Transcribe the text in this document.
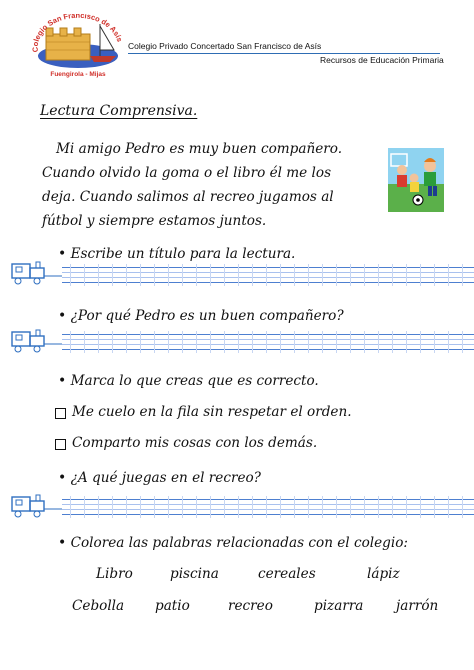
Colegio San Francisco de Asís
Fuengirola - Mijas
Colegio Privado Concertado San Francisco de Asís
Recursos de Educación Primaria
Lectura Comprensiva.
Mi amigo Pedro es muy buen compañero.
Cuando olvido la goma o el libro él me los
deja. Cuando salimos al recreo jugamos al
fútbol y siempre estamos juntos.
• Escribe un título para la lectura.
• ¿Por qué Pedro es un buen compañero?
• Marca lo que creas que es correcto.
Me cuelo en la fila sin respetar el orden.
Comparto mis cosas con los demás.
• ¿A qué juegas en el recreo?
• Colorea las palabras relacionadas con el colegio:
Libro	piscina	cereales	lápiz
Cebolla patio	recreo	pizarra jarrón
